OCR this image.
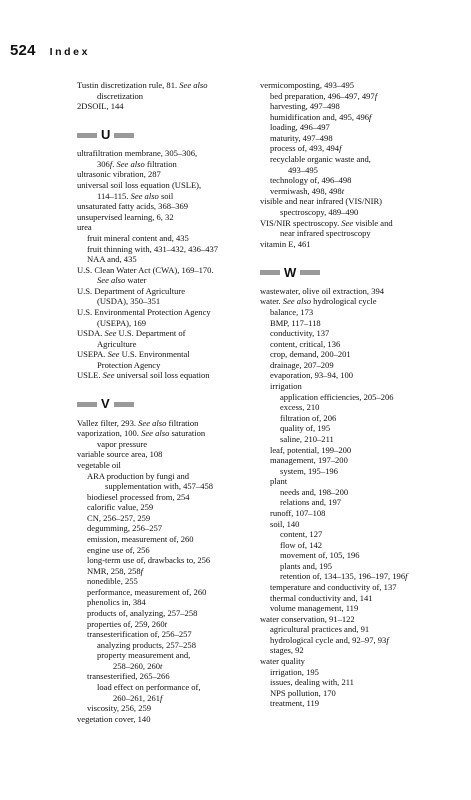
524 Index
Tustin discretization rule, 81. See also
discretization
2DSOIL, 144
U
ultrafiltration membrane, 305–306,
306f. See also filtration
ultrasonic vibration, 287
universal soil loss equation (USLE),
114–115. See also soil
unsaturated fatty acids, 368–369
unsupervised learning, 6, 32
urea
fruit mineral content and, 435
fruit thinning with, 431–432, 436–437
NAA and, 435
U.S. Clean Water Act (CWA), 169–170.
See also water
U.S. Department of Agriculture
(USDA), 350–351
U.S. Environmental Protection Agency
(USEPA), 169
USDA. See U.S. Department of
Agriculture
USEPA. See U.S. Environmental
Protection Agency
USLE. See universal soil loss equation
V
Vallez filter, 293. See also filtration
vaporization, 100. See also saturation
vapor pressure
variable source area, 108
vegetable oil
ARA production by fungi and
supplementation with, 457–458
biodiesel processed from, 254
calorific value, 259
CN, 256–257, 259
degumming, 256–257
emission, measurement of, 260
engine use of, 256
long-term use of, drawbacks to, 256
NMR, 258, 258f
nonedible, 255
performance, measurement of, 260
phenolics in, 384
products of, analyzing, 257–258
properties of, 259, 260t
transesterification of, 256–257
analyzing products, 257–258
property measurement and,
258–260, 260t
transesterified, 265–266
load effect on performance of,
260–261, 261f
viscosity, 256, 259
vegetation cover, 140
vermicomposting, 493–495
bed preparation, 496–497, 497f
harvesting, 497–498
humidification and, 495, 496f
loading, 496–497
maturity, 497–498
process of, 493, 494f
recyclable organic waste and,
493–495
technology of, 496–498
vermiwash, 498, 498t
visible and near infrared (VIS/NIR)
spectroscopy, 489–490
VIS/NIR spectroscopy. See visible and
near infrared spectroscopy
vitamin E, 461
W
wastewater, olive oil extraction, 394
water. See also hydrological cycle
balance, 173
BMP, 117–118
conductivity, 137
content, critical, 136
crop, demand, 200–201
drainage, 207–209
evaporation, 93–94, 100
irrigation
application efficiencies, 205–206
excess, 210
filtration of, 206
quality of, 195
saline, 210–211
leaf, potential, 199–200
management, 197–200
system, 195–196
plant
needs and, 198–200
relations and, 197
runoff, 107–108
soil, 140
content, 127
flow of, 142
movement of, 105, 196
plants and, 195
retention of, 134–135, 196–197, 196f
temperature and conductivity of, 137
thermal conductivity and, 141
volume management, 119
water conservation, 91–122
agricultural practices and, 91
hydrological cycle and, 92–97, 93f
stages, 92
water quality
irrigation, 195
issues, dealing with, 211
NPS pollution, 170
treatment, 119
